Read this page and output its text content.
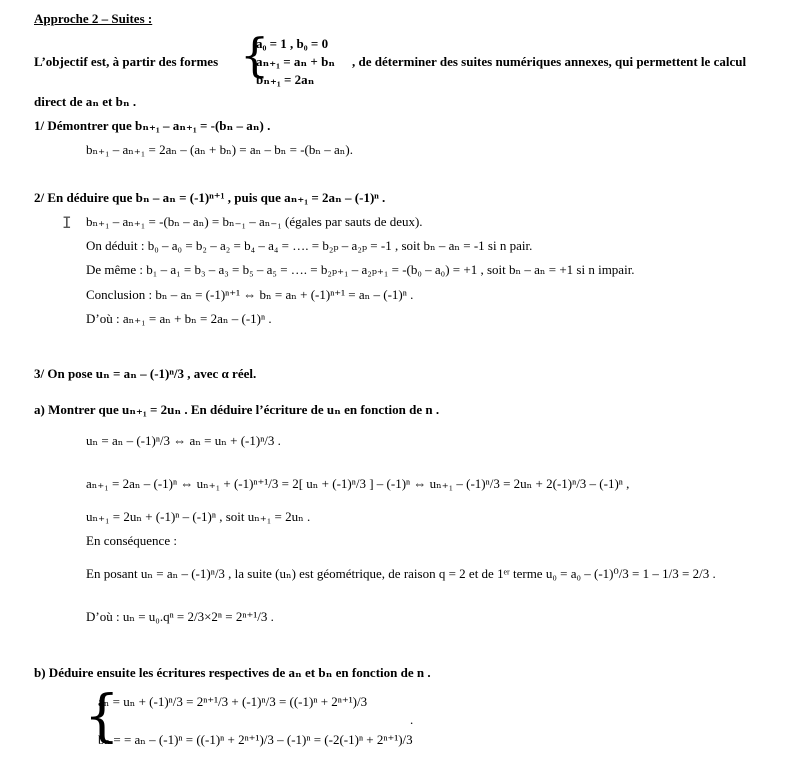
Approche 2 – Suites :
L’objectif est, à partir des formes {
a₀ = 1 , b₀ = 0
aₙ₊₁ = aₙ + bₙ
bₙ₊₁ = 2aₙ
, de déterminer des suites numériques annexes, qui permettent le calcul
direct de aₙ et bₙ .
1/ Démontrer que bₙ₊₁ – aₙ₊₁ = -(bₙ – aₙ) .
bₙ₊₁ – aₙ₊₁ = 2aₙ – (aₙ + bₙ) = aₙ – bₙ = -(bₙ – aₙ).
2/ En déduire que bₙ – aₙ = (-1)ⁿ⁺¹ , puis que aₙ₊₁ = 2aₙ – (-1)ⁿ .
I bₙ₊₁ – aₙ₊₁ = -(bₙ – aₙ) = bₙ₋₁ – aₙ₋₁ (égales par sauts de deux).
On déduit : b₀ – a₀ = b₂ – a₂ = b₄ – a₄ = …. = b₂ₚ – a₂ₚ = -1 , soit bₙ – aₙ = -1 si n pair.
De même : b₁ – a₁ = b₃ – a₃ = b₅ – a₅ = …. = b₂ₚ₊₁ – a₂ₚ₊₁ = -(b₀ – a₀) = +1 , soit bₙ – aₙ = +1 si n impair.
Conclusion : bₙ – aₙ = (-1)ⁿ⁺¹ ⇔ bₙ = aₙ + (-1)ⁿ⁺¹ = aₙ – (-1)ⁿ .
D’où : aₙ₊₁ = aₙ + bₙ = 2aₙ – (-1)ⁿ .
3/ On pose uₙ = aₙ – (-1)ⁿ/3 , avec α réel.
a) Montrer que uₙ₊₁ = 2uₙ . En déduire l’écriture de uₙ en fonction de n .
uₙ = aₙ – (-1)ⁿ/3 ⇔ aₙ = uₙ + (-1)ⁿ/3 .
aₙ₊₁ = 2aₙ – (-1)ⁿ ⇔ uₙ₊₁ + (-1)ⁿ⁺¹/3 = 2[ uₙ + (-1)ⁿ/3 ] – (-1)ⁿ ⇔ uₙ₊₁ – (-1)ⁿ/3 = 2uₙ + 2(-1)ⁿ/3 – (-1)ⁿ ,
uₙ₊₁ = 2uₙ + (-1)ⁿ – (-1)ⁿ , soit uₙ₊₁ = 2uₙ .
En conséquence :
En posant uₙ = aₙ – (-1)ⁿ/3 , la suite (uₙ) est géométrique, de raison q = 2 et de 1ᵉʳ terme u₀ = a₀ – (-1)⁰/3 = 1 – 1/3 = 2/3 .
D’où : uₙ = u₀.qⁿ = 2/3×2ⁿ = 2ⁿ⁺¹/3 .
b) Déduire ensuite les écritures respectives de aₙ et bₙ en fonction de n .
{
aₙ = uₙ + (-1)ⁿ/3 = 2ⁿ⁺¹/3 + (-1)ⁿ/3 = ((-1)ⁿ + 2ⁿ⁺¹)/3
bₙ = = aₙ – (-1)ⁿ = ((-1)ⁿ + 2ⁿ⁺¹)/3 – (-1)ⁿ = (-2(-1)ⁿ + 2ⁿ⁺¹)/3
.
